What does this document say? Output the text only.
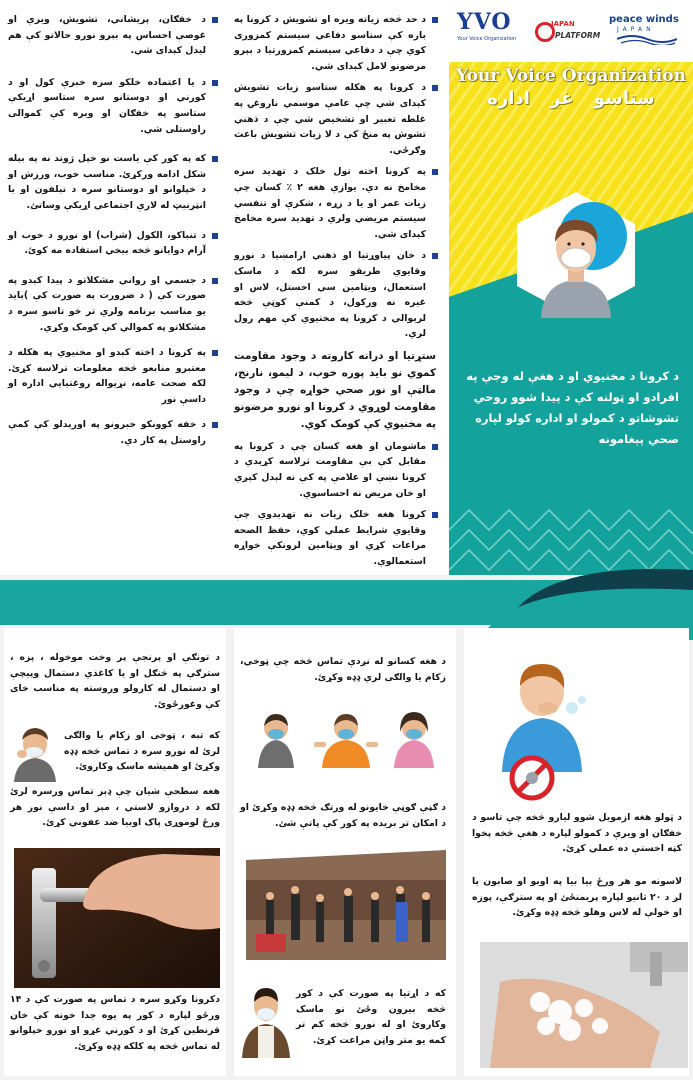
د خفګان، پریشاني، تشویش، ویرې او غوصې احساس په بېرو نورو حالاتو کې هم لیدل کېدای شي.
د یا اعتماده خلکو سره خبرې کول او د کورني او دوستانو سره ستاسو اړیکې ستاسو په خفګان او ویره کې کموالی راوستلی شي.
که په کور کې یاست نو خپل ژوند نه په بېله شکل ادامه ورکړئ. مناسب خوب، ورزش او د خپلوانو او دوستانو سره د تیلفون او یا انټرنیټ له لارې اجتماعي اړیکې وساتئ.
د تنباکو، الکول (شراب) او نورو د خوب او آرام دوایانو څخه بیخي استفاده مه کوئ.
د جسمي او رواني مشکلاتو د پیدا کېدو په صورت کې ( د ضرورت په صورت کې )باید یو مناسب برنامه ولري تر څو تاسو سره د مشکلاتو په کموالي کې کومک وکړي.
په کرونا د اخته کېدو او مخنیوي په هکله د معتبرو منابعو څخه معلومات ترلاسه کړئ. لکه صحت عامه، نړیواله روغتیایي اداره او داسې نور
د خفه کوونکو خبرونو په اورېدلو کې کمې راوستل په کار دي.
د حد څخه زیاته ویره او تشویش د کرونا په باره کې ستاسو دفاعي سیستم کمزوری کوي چې د دفاعي سیستم کمزورتیا د بېرو مرضونو لامل کېدای شي.
د کرونا په هکله ستاسو زیات تشویش کېدای شي چې عامې موسمي ناروغۍ په غلطه تعبیر او تشخیص شي چې د ذهني تشوش په منځ کې د لا زیات تشویش باعث وګرځي.
په کرونا اخته تول خلک د تهدید سره مخامخ نه دي. یوازې هغه ۲ ٪ کسان چې زیات عمر او یا د زړه ، شکرې او تنفسي سیستم مریضي ولري د تهدید سره مخامخ کېدای شي.
د خان پیاوړتیا او ذهني ارامښیا د نورو وقایوي طریقو سره لکه د ماسک استعمال، ویټامین سي اخستل، لاس او غیره نه ورکول، د کمنې کوټې څخه لرېوالي د کرونا په مخنیوي کې مهم رول لري.
ستړتیا او درانه کاروته د وجود مقاومت کموي نو باید پوره خوب، د لیمو، نارنج، مالټې او نور صحي خواړه چې د وجود مقاومت لوړوي د کرونا او نورو مرضونو په مخنیوي کې کومک کوي.
ماشومان او هغه کسان چې د کرونا په مقابل کې بې مقاومت ثرلاسه کړېدي د کرونا نښې او علامې په کې نه لېدل کېږي او خان مریض نه احساسوي.
کرونا هغه خلک زیات نه تهدیدوي چې وقایوي شرایط عملي کوي، حفظ الصحه مراعات کړي او ویټامین لرونکې خواړه استعمالوي.
YVO
Your Voice Organization
JAPAN
PLATFORM
peace winds
JAPAN
Your Voice Organization
ستاسو غږ اداره
د کرونا د مخنیوي او د هغې له وجې په افرادو او ټولنه کې د پیدا شوو روحي تشوشاتو د کمولو او اداره کولو لپاره صحي پېغامونه
د تونګې او پرنجې پر وخت موخوله ، پزه ، سترګې په څنګل او یا کاغذي دستمال وپیچې او دستمال له کارولو وروسته په مناسب خای کې وغورځوئ.
که تبه ، ټوخی او زکام یا والګی لرئ له نورو سره د تماس څخه ډډه وکړئ او همیشه ماسک وکاروئ.
هغه سطحې شیان چې ډېر تماس ورسره لرئ لکه د دروازو لاستي ، مېز او داسې نور هر ورځ لوموړی پاک اوبیا ضد عفوني کړئ.
دکرونا وکړو سره د تماس په صورت کې د ۱۴ ورځو لپاره د کور په یوه جدا خونه کې خان قرنطین کړئ او د کورني غړو او نورو خپلوانو له تماس څخه په کلکه ډډه وکړئ.
د هغه کسانو له نږدې تماس څخه چې ټوخي، زکام یا والګی لري ډډه وکړئ.
د ګڼې ګوڼې خایونو له ورتګ څخه ډډه وکړئ او د امکان تر بریده په کور کې پاتې شئ.
که د اړتیا په صورت کې د کور څخه بیرون وځئ نو ماسک وکاروئ او له نورو څخه کم تر کمه یو متر واټن مراعت کړئ.
د ټولو هغه ازمویل شوو لیارو څخه چې تاسو د خفګان او ویرې د کمولو لپاره د هغې څخه پخوا کټه اخستې ده عملي کړئ.
لاسونه مو هر ورځ بیا بیا په اوبو او صابون یا لږ د ۲۰ ثانیو لپاره پریمنځئ او په سترګې، پوزه او خولې له لاس وهلو څخه ډډه وکړئ.
